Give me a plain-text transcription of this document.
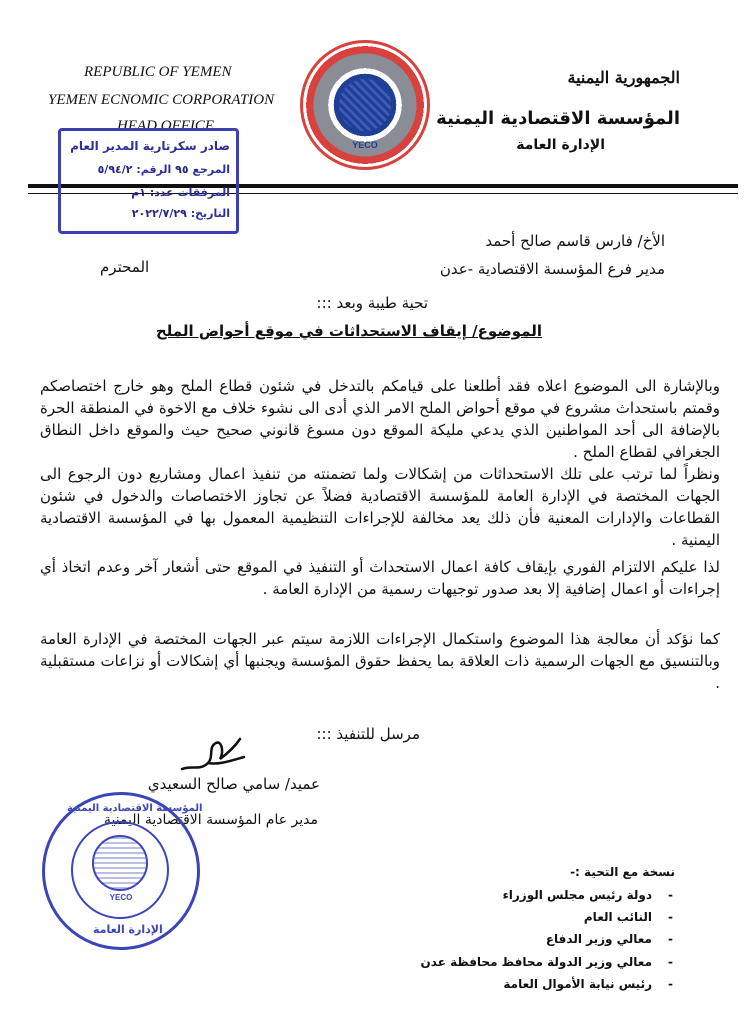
REPUBLIC OF YEMEN
YEMEN ECNOMIC CORPORATION
HEAD OFFICE
YECO
الجمهورية اليمنية
المؤسسة الاقتصادية اليمنية
الإدارة العامة
صادر سكرتارية المدير العام
المرجع ٩٥ الرقم: ٥/٩٤/٢
المرفقات عدد: ١م
التاريخ: ٢٠٢٢/٧/٢٩
الأخ/ فارس قاسم صالح أحمد
مدير فرع المؤسسة الاقتصادية -عدن
المحترم
تحية طيبة وبعد :::
الموضوع/ إيقاف الاستحداثات في موقع أحواض الملح
وبالإشارة الى الموضوع اعلاه فقد أطلعنا على قيامكم بالتدخل في شئون قطاع الملح وهو خارج اختصاصكم وقمتم باستحداث مشروع في موقع أحواض الملح الامر الذي أدى الى نشوء خلاف مع الاخوة في المنطقة الحرة بالإضافة الى أحد المواطنين الذي يدعي مليكة الموقع دون مسوغ قانوني صحيح حيث والموقع داخل النطاق الجغرافي لقطاع الملح .
ونظراً لما ترتب على تلك الاستحداثات من إشكالات ولما تضمنته من تنفيذ اعمال ومشاريع دون الرجوع الى الجهات المختصة في الإدارة العامة للمؤسسة الاقتصادية فضلاً عن تجاوز الاختصاصات والدخول في شئون القطاعات والإدارات المعنية فأن ذلك يعد مخالفة للإجراءات التنظيمية المعمول بها في المؤسسة الاقتصادية اليمنية .
لذا عليكم الالتزام الفوري بإيقاف كافة اعمال الاستحداث أو التنفيذ في الموقع حتى أشعار آخر وعدم اتخاذ أي إجراءات أو اعمال إضافية إلا بعد صدور توجيهات رسمية من الإدارة العامة .
كما نؤكد أن معالجة هذا الموضوع واستكمال الإجراءات اللازمة سيتم عبر الجهات المختصة في الإدارة العامة وبالتنسيق مع الجهات الرسمية ذات العلاقة بما يحفظ حقوق المؤسسة ويجنبها أي إشكالات أو نزاعات مستقبلية .
مرسل للتنفيذ :::
عميد/ سامي صالح السعيدي
مدير عام المؤسسة الاقتصادية اليمنية
YECO
المؤسسة الاقتصادية اليمنية
الإدارة العامة
نسخة مع التحية :-
-
دولة رئيس مجلس الوزراء
-
النائب العام
-
معالي وزير الدفاع
-
معالي وزير الدولة محافظ محافظة عدن
-
رئيس نيابة الأموال العامة
